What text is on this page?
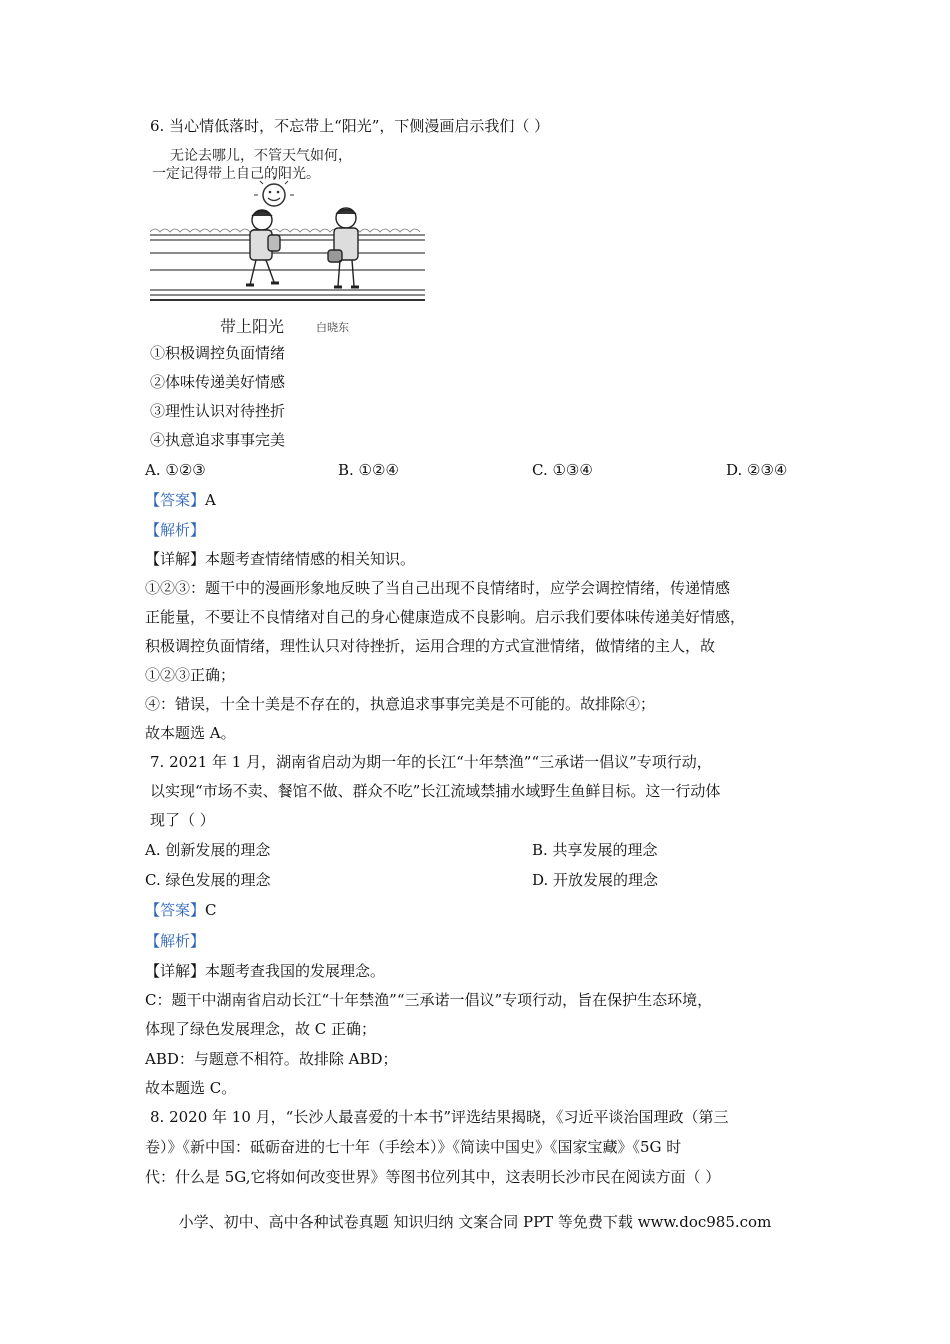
6. 当心情低落时，不忘带上“阳光”，下侧漫画启示我们（ ）
无论去哪儿，不管天气如何，
一定记得带上自己的阳光。
带上阳光	白晓东
①积极调控负面情绪
②体味传递美好情感
③理性认识对待挫折
④执意追求事事完美
A. ①②③	B. ①②④	C. ①③④	D. ②③④
【答案】A
【解析】
【详解】本题考查情绪情感的相关知识。
①②③：题干中的漫画形象地反映了当自己出现不良情绪时，应学会调控情绪，传递情感
正能量，不要让不良情绪对自己的身心健康造成不良影响。启示我们要体味传递美好情感，
积极调控负面情绪，理性认只对待挫折，运用合理的方式宣泄情绪，做情绪的主人，故
①②③正确；
④：错误，十全十美是不存在的，执意追求事事完美是不可能的。故排除④；
故本题选 A。
7. 2021 年 1 月，湖南省启动为期一年的长江“十年禁渔”“三承诺一倡议”专项行动，
以实现“市场不卖、餐馆不做、群众不吃”长江流域禁捕水域野生鱼鲜目标。这一行动体
现了（ ）
A. 创新发展的理念	B. 共享发展的理念
C. 绿色发展的理念	D. 开放发展的理念
【答案】C
【解析】
【详解】本题考查我国的发展理念。
C：题干中湖南省启动长江“十年禁渔”“三承诺一倡议”专项行动，旨在保护生态环境，
体现了绿色发展理念，故 C 正确；
ABD：与题意不相符。故排除 ABD；
故本题选 C。
8. 2020 年 10 月，“长沙人最喜爱的十本书”评选结果揭晓，《习近平谈治国理政（第三
卷）》《新中国：砥砺奋进的七十年（手绘本）》《简读中国史》《国家宝藏》《5G 时
代：什么是 5G,它将如何改变世界》等图书位列其中，这表明长沙市民在阅读方面（ ）
小学、初中、高中各种试卷真题 知识归纳 文案合同 PPT 等免费下载 www.doc985.com
